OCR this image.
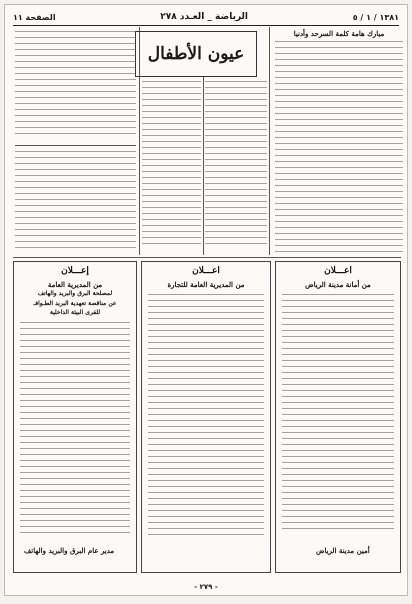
١٣٨١ / ١ / ٥
الرياضة _ العـدد ٢٧٨
الصفحة ١١
مبارك هامة كلمة السرحد وأدنيا
عيون الأطفال
اعـــلان
من أمانة مدينة الرياض
أمين مدينة الرياض
اعـــلان
من المديرية العامة للتجارة
إعـــلان
من المديرية العامة
لمصلحة البرق والبريد والهاتف
عن مناقصة تعهدية البريد الطـوافـ
للقرى البيئة الداخلية
مدير عام البرق والبريد والهاتف
- ٢٧٩ -
